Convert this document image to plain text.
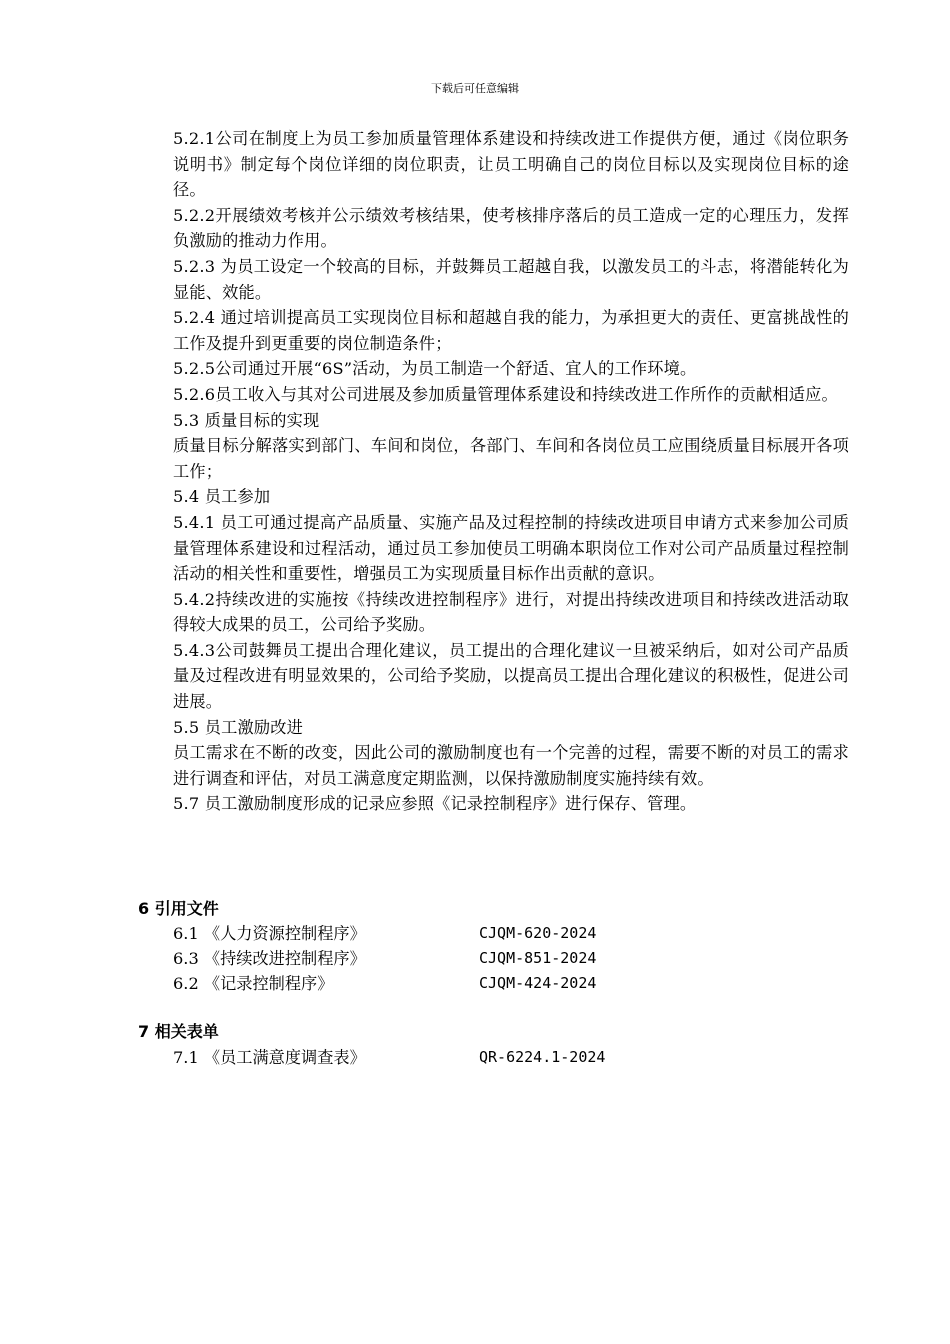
下载后可任意编辑
5.2.1公司在制度上为员工参加质量管理体系建设和持续改进工作提供方便，通过《岗位职务说明书》制定每个岗位详细的岗位职责，让员工明确自己的岗位目标以及实现岗位目标的途径。
5.2.2开展绩效考核并公示绩效考核结果，使考核排序落后的员工造成一定的心理压力，发挥负激励的推动力作用。
5.2.3 为员工设定一个较高的目标，并鼓舞员工超越自我，以激发员工的斗志，将潜能转化为显能、效能。
5.2.4 通过培训提高员工实现岗位目标和超越自我的能力，为承担更大的责任、更富挑战性的工作及提升到更重要的岗位制造条件；
5.2.5公司通过开展“6S”活动，为员工制造一个舒适、宜人的工作环境。
5.2.6员工收入与其对公司进展及参加质量管理体系建设和持续改进工作所作的贡献相适应。
5.3 质量目标的实现
质量目标分解落实到部门、车间和岗位，各部门、车间和各岗位员工应围绕质量目标展开各项工作；
5.4 员工参加
5.4.1 员工可通过提高产品质量、实施产品及过程控制的持续改进项目申请方式来参加公司质量管理体系建设和过程活动，通过员工参加使员工明确本职岗位工作对公司产品质量过程控制活动的相关性和重要性，增强员工为实现质量目标作出贡献的意识。
5.4.2持续改进的实施按《持续改进控制程序》进行，对提出持续改进项目和持续改进活动取得较大成果的员工，公司给予奖励。
5.4.3公司鼓舞员工提出合理化建议，员工提出的合理化建议一旦被采纳后，如对公司产品质量及过程改进有明显效果的，公司给予奖励，以提高员工提出合理化建议的积极性，促进公司进展。
5.5 员工激励改进
员工需求在不断的改变，因此公司的激励制度也有一个完善的过程，需要不断的对员工的需求进行调查和评估，对员工满意度定期监测，以保持激励制度实施持续有效。
5.7 员工激励制度形成的记录应参照《记录控制程序》进行保存、管理。
6 引用文件
6.1 《人力资源控制程序》	CJQM-620-2024
6.3 《持续改进控制程序》	CJQM-851-2024
6.2 《记录控制程序》	CJQM-424-2024
7 相关表单
7.1 《员工满意度调查表》	QR-6224.1-2024
